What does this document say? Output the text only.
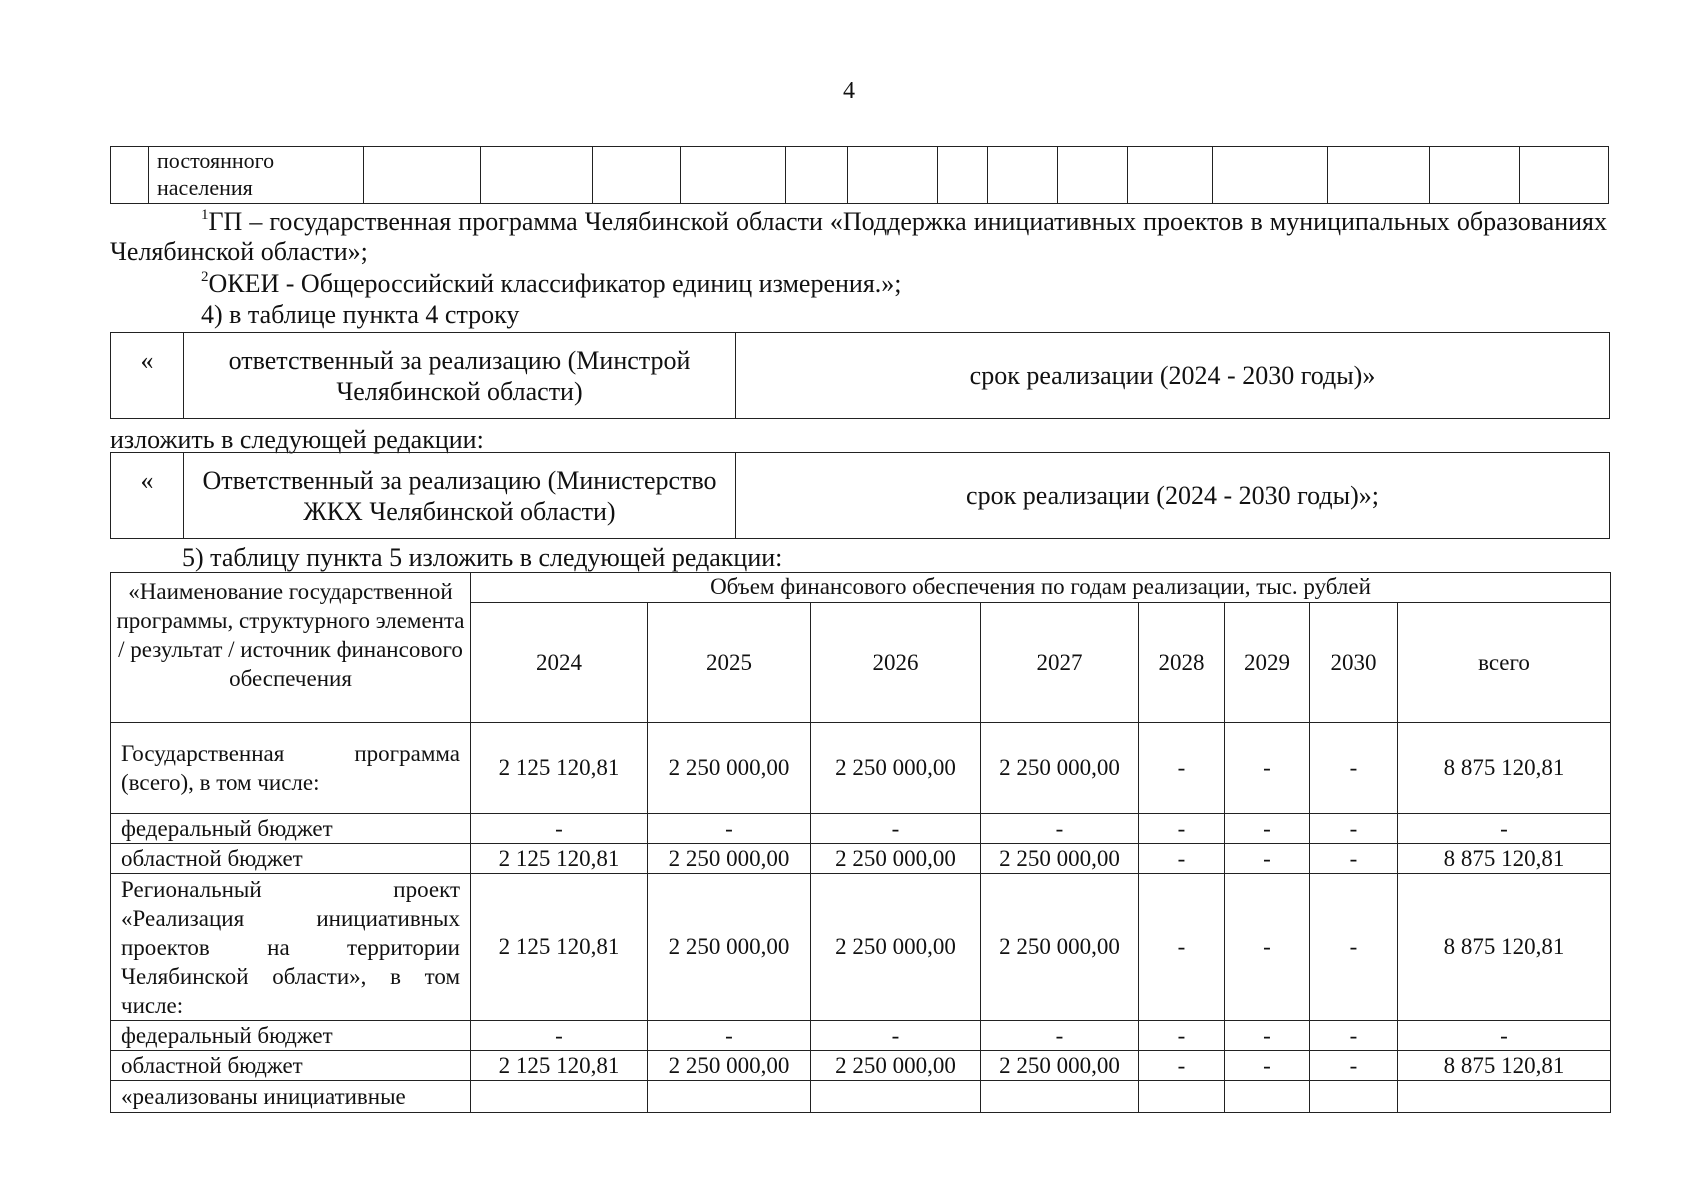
4
	постоянного населения														
$^1$ГП – государственная программа Челябинской области «Поддержка инициативных проектов в муниципальных образованиях Челябинской области»;
$^2$ОКЕИ - Общероссийский классификатор единиц измерения.»;
4) в таблице пункта 4 строку
«	ответственный за реализацию (Минстрой Челябинской области)	срок реализации (2024 - 2030 годы)»
изложить в следующей редакции:
«	Ответственный за реализацию (Министерство ЖКХ Челябинской области)	срок реализации (2024 - 2030 годы)»;
5) таблицу пункта 5 изложить в следующей редакции:
«Наименование государственной программы, структурного элемента / результат / источник финансового обеспечения	Объем финансового обеспечения по годам реализации, тыс. рублей							
	2024	2025	2026	2027	2028	2029	2030	всего
Государственная программа (всего), в том числе:	2 125 120,81	2 250 000,00	2 250 000,00	2 250 000,00	-	-	-	8 875 120,81
федеральный бюджет	-	-	-	-	-	-	-	-
областной бюджет	2 125 120,81	2 250 000,00	2 250 000,00	2 250 000,00	-	-	-	8 875 120,81
Региональный проект «Реализация инициативных проектов на территории Челябинской области», в том числе:	2 125 120,81	2 250 000,00	2 250 000,00	2 250 000,00	-	-	-	8 875 120,81
федеральный бюджет	-	-	-	-	-	-	-	-
областной бюджет	2 125 120,81	2 250 000,00	2 250 000,00	2 250 000,00	-	-	-	8 875 120,81
«реализованы инициативные								
